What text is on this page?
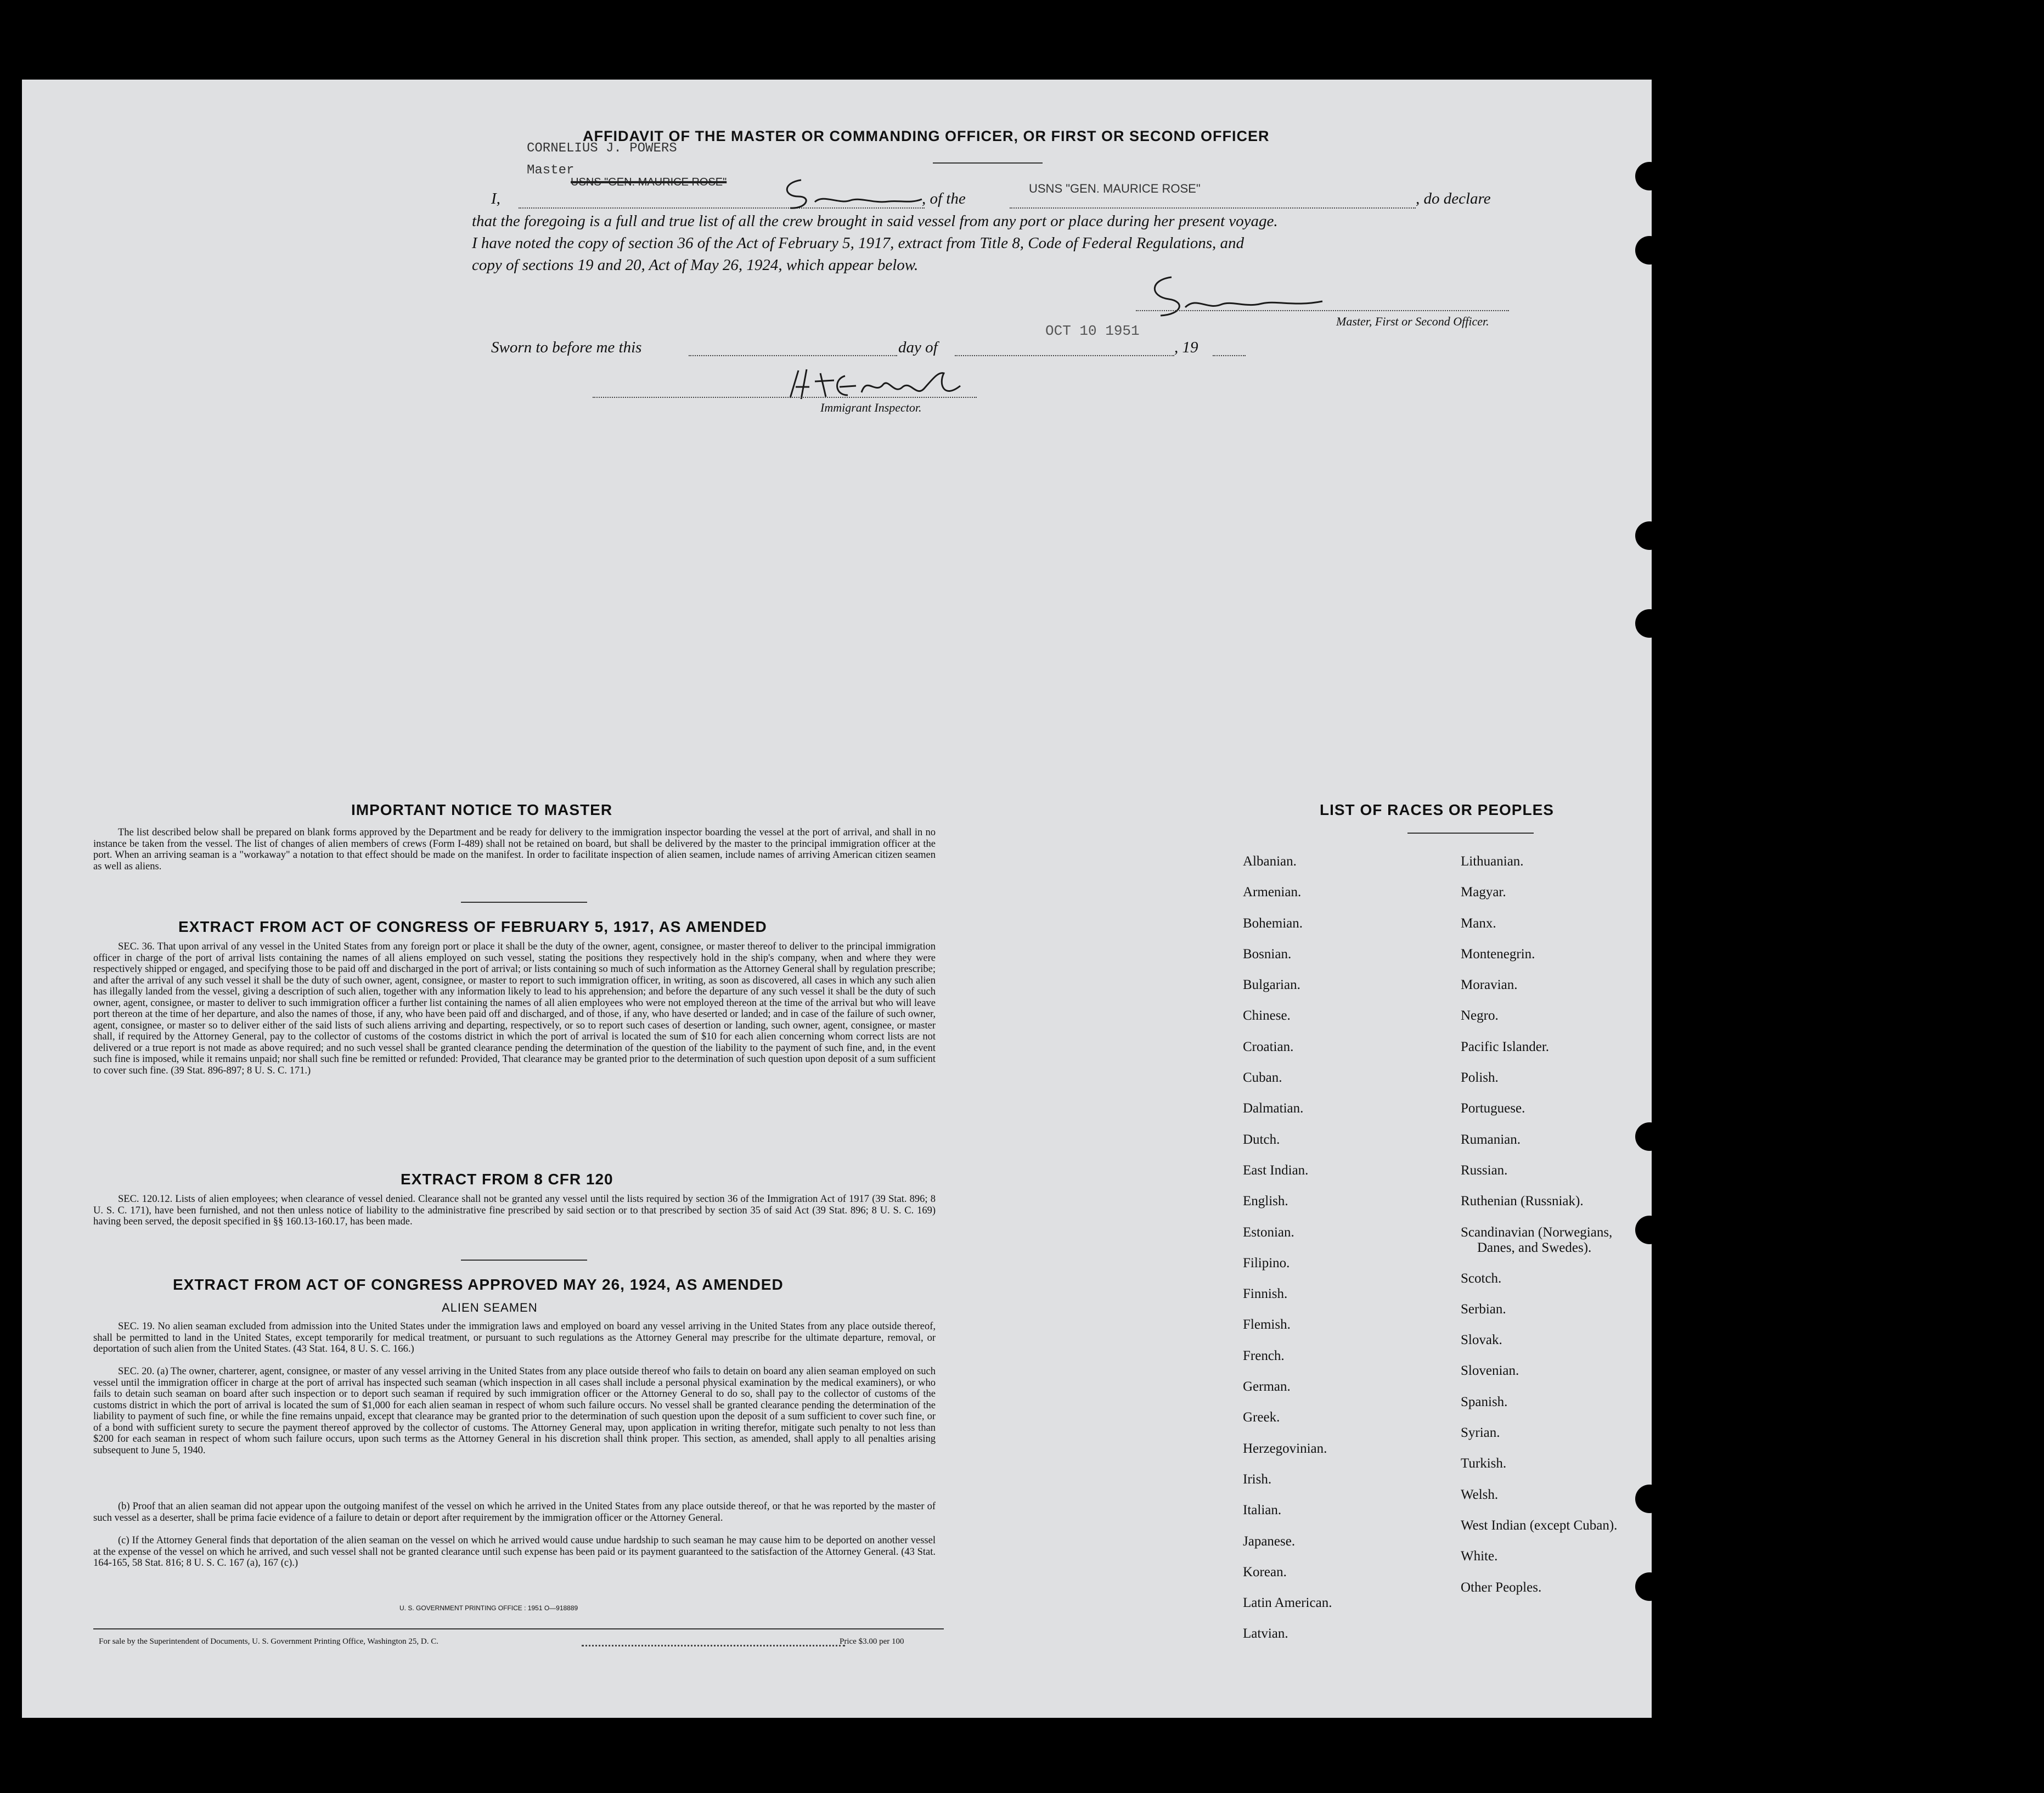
AFFIDAVIT OF THE MASTER OR COMMANDING OFFICER, OR FIRST OR SECOND OFFICER
CORNELIUS J. POWERS
Master
USNS "GEN. MAURICE ROSE"
I,	, of the
USNS "GEN. MAURICE ROSE"
, do declare
that the foregoing is a full and true list of all the crew brought in said vessel from any port or place during her present voyage.
I have noted the copy of section 36 of the Act of February 5, 1917, extract from Title 8, Code of Federal Regulations, and
copy of sections 19 and 20, Act of May 26, 1924, which appear below.
Master, First or Second Officer.
Sworn to before me this	day of
OCT 10 1951
, 19
Immigrant Inspector.
IMPORTANT NOTICE TO MASTER
The list described below shall be prepared on blank forms approved by the Department and be ready for delivery to the immigration inspector boarding the vessel at the port of arrival, and shall in no instance be taken from the vessel. The list of changes of alien members of crews (Form I-489) shall not be retained on board, but shall be delivered by the master to the principal immigration officer at the port. When an arriving seaman is a "workaway" a notation to that effect should be made on the manifest. In order to facilitate inspection of alien seamen, include names of arriving American citizen seamen as well as aliens.
EXTRACT FROM ACT OF CONGRESS OF FEBRUARY 5, 1917, AS AMENDED
SEC. 36. That upon arrival of any vessel in the United States from any foreign port or place it shall be the duty of the owner, agent, consignee, or master thereof to deliver to the principal immigration officer in charge of the port of arrival lists containing the names of all aliens employed on such vessel, stating the positions they respectively hold in the ship's company, when and where they were respectively shipped or engaged, and specifying those to be paid off and discharged in the port of arrival; or lists containing so much of such information as the Attorney General shall by regulation prescribe; and after the arrival of any such vessel it shall be the duty of such owner, agent, consignee, or master to report to such immigration officer, in writing, as soon as discovered, all cases in which any such alien has illegally landed from the vessel, giving a description of such alien, together with any information likely to lead to his apprehension; and before the departure of any such vessel it shall be the duty of such owner, agent, consignee, or master to deliver to such immigration officer a further list containing the names of all alien employees who were not employed thereon at the time of the arrival but who will leave port thereon at the time of her departure, and also the names of those, if any, who have been paid off and discharged, and of those, if any, who have deserted or landed; and in case of the failure of such owner, agent, consignee, or master so to deliver either of the said lists of such aliens arriving and departing, respectively, or so to report such cases of desertion or landing, such owner, agent, consignee, or master shall, if required by the Attorney General, pay to the collector of customs of the costoms district in which the port of arrival is located the sum of $10 for each alien concerning whom correct lists are not delivered or a true report is not made as above required; and no such vessel shall be granted clearance pending the determination of the question of the liability to the payment of such fine, and, in the event such fine is imposed, while it remains unpaid; nor shall such fine be remitted or refunded: Provided, That clearance may be granted prior to the determination of such question upon deposit of a sum sufficient to cover such fine. (39 Stat. 896-897; 8 U. S. C. 171.)
EXTRACT FROM 8 CFR 120
SEC. 120.12. Lists of alien employees; when clearance of vessel denied. Clearance shall not be granted any vessel until the lists required by section 36 of the Immigration Act of 1917 (39 Stat. 896; 8 U. S. C. 171), have been furnished, and not then unless notice of liability to the administrative fine prescribed by said section or to that prescribed by section 35 of said Act (39 Stat. 896; 8 U. S. C. 169) having been served, the deposit specified in §§ 160.13-160.17, has been made.
EXTRACT FROM ACT OF CONGRESS APPROVED MAY 26, 1924, AS AMENDED
ALIEN SEAMEN
SEC. 19. No alien seaman excluded from admission into the United States under the immigration laws and employed on board any vessel arriving in the United States from any place outside thereof, shall be permitted to land in the United States, except temporarily for medical treatment, or pursuant to such regulations as the Attorney General may prescribe for the ultimate departure, removal, or deportation of such alien from the United States. (43 Stat. 164, 8 U. S. C. 166.)
SEC. 20. (a) The owner, charterer, agent, consignee, or master of any vessel arriving in the United States from any place outside thereof who fails to detain on board any alien seaman employed on such vessel until the immigration officer in charge at the port of arrival has inspected such seaman (which inspection in all cases shall include a personal physical examination by the medical examiners), or who fails to detain such seaman on board after such inspection or to deport such seaman if required by such immigration officer or the Attorney General to do so, shall pay to the collector of customs of the customs district in which the port of arrival is located the sum of $1,000 for each alien seaman in respect of whom such failure occurs. No vessel shall be granted clearance pending the determination of the liability to payment of such fine, or while the fine remains unpaid, except that clearance may be granted prior to the determination of such question upon the deposit of a sum sufficient to cover such fine, or of a bond with sufficient surety to secure the payment thereof approved by the collector of customs. The Attorney General may, upon application in writing therefor, mitigate such penalty to not less than $200 for each seaman in respect of whom such failure occurs, upon such terms as the Attorney General in his discretion shall think proper. This section, as amended, shall apply to all penalties arising subsequent to June 5, 1940.
(b) Proof that an alien seaman did not appear upon the outgoing manifest of the vessel on which he arrived in the United States from any place outside thereof, or that he was reported by the master of such vessel as a deserter, shall be prima facie evidence of a failure to detain or deport after requirement by the immigration officer or the Attorney General.
(c) If the Attorney General finds that deportation of the alien seaman on the vessel on which he arrived would cause undue hardship to such seaman he may cause him to be deported on another vessel at the expense of the vessel on which he arrived, and such vessel shall not be granted clearance until such expense has been paid or its payment guaranteed to the satisfaction of the Attorney General. (43 Stat. 164-165, 58 Stat. 816; 8 U. S. C. 167 (a), 167 (c).)
U. S. GOVERNMENT PRINTING OFFICE : 1951 O—918889
For sale by the Superintendent of Documents, U. S. Government Printing Office, Washington 25, D. C.	Price $3.00 per 100
LIST OF RACES OR PEOPLES
Albanian.
Armenian.
Bohemian.
Bosnian.
Bulgarian.
Chinese.
Croatian.
Cuban.
Dalmatian.
Dutch.
East Indian.
English.
Estonian.
Filipino.
Finnish.
Flemish.
French.
German.
Greek.
Herzegovinian.
Irish.
Italian.
Japanese.
Korean.
Latin American.
Latvian.
Lithuanian.
Magyar.
Manx.
Montenegrin.
Moravian.
Negro.
Pacific Islander.
Polish.
Portuguese.
Rumanian.
Russian.
Ruthenian (Russniak).
Scandinavian (Norwegians,
Danes, and Swedes).
Scotch.
Serbian.
Slovak.
Slovenian.
Spanish.
Syrian.
Turkish.
Welsh.
West Indian (except Cuban).
White.
Other Peoples.
